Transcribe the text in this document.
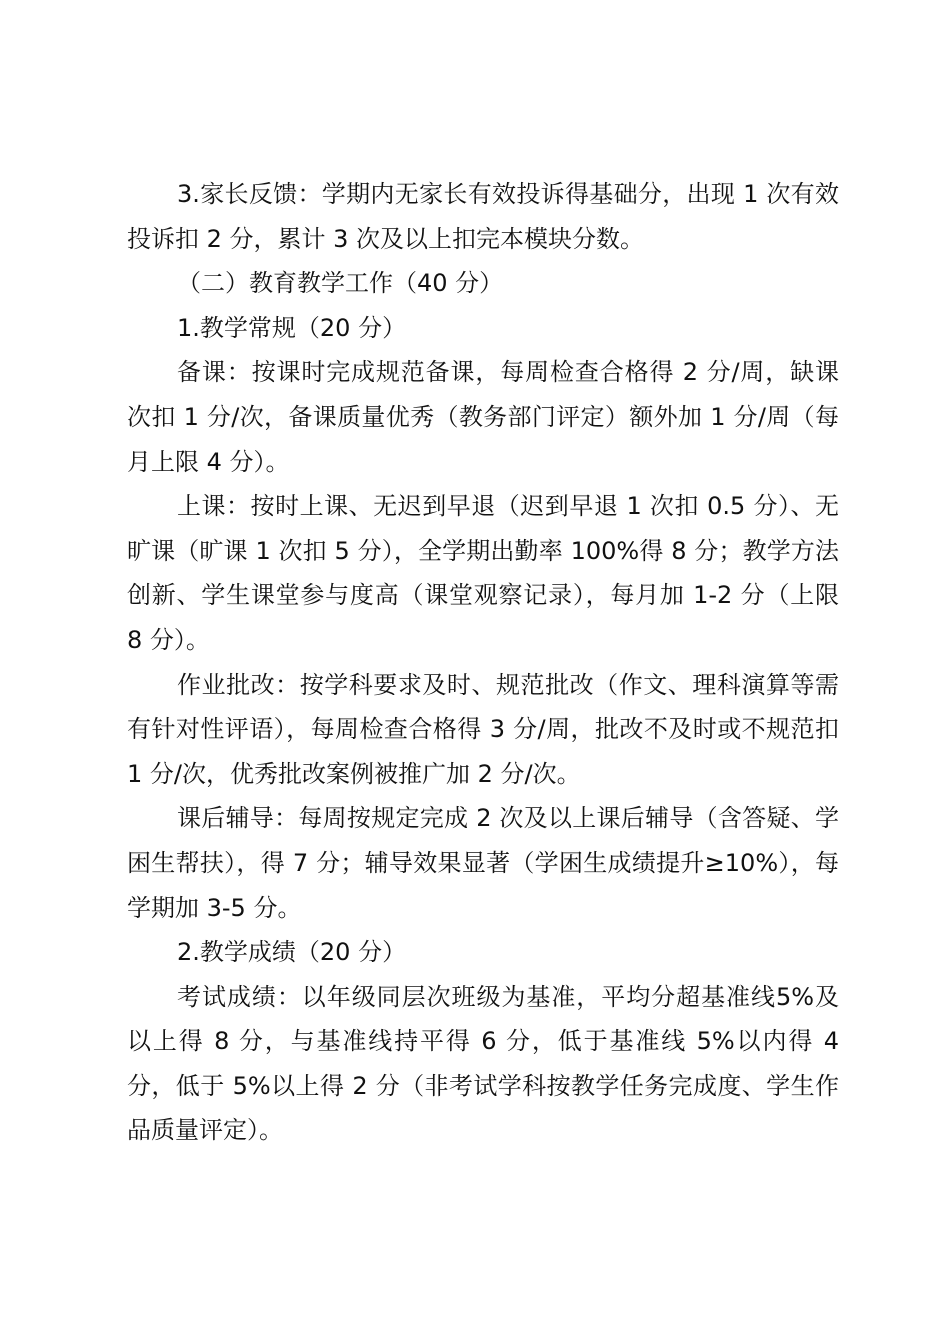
3.家长反馈：学期内无家长有效投诉得基础分，出现 1 次有效投诉扣 2 分，累计 3 次及以上扣完本模块分数。

（二）教育教学工作（40 分）

1.教学常规（20 分）

备课：按课时完成规范备课，每周检查合格得 2 分/周，缺课次扣 1 分/次，备课质量优秀（教务部门评定）额外加 1 分/周（每月上限 4 分）。

上课：按时上课、无迟到早退（迟到早退 1 次扣 0.5 分）、无旷课（旷课 1 次扣 5 分），全学期出勤率 100%得 8 分；教学方法创新、学生课堂参与度高（课堂观察记录），每月加 1-2 分（上限 8 分）。

作业批改：按学科要求及时、规范批改（作文、理科演算等需有针对性评语），每周检查合格得 3 分/周，批改不及时或不规范扣 1 分/次，优秀批改案例被推广加 2 分/次。

课后辅导：每周按规定完成 2 次及以上课后辅导（含答疑、学困生帮扶），得 7 分；辅导效果显著（学困生成绩提升≥10%），每学期加 3-5 分。

2.教学成绩（20 分）

考试成绩：以年级同层次班级为基准，平均分超基准线5%及以上得 8 分，与基准线持平得 6 分，低于基准线 5%以内得 4 分，低于 5%以上得 2 分（非考试学科按教学任务完成度、学生作品质量评定）。
